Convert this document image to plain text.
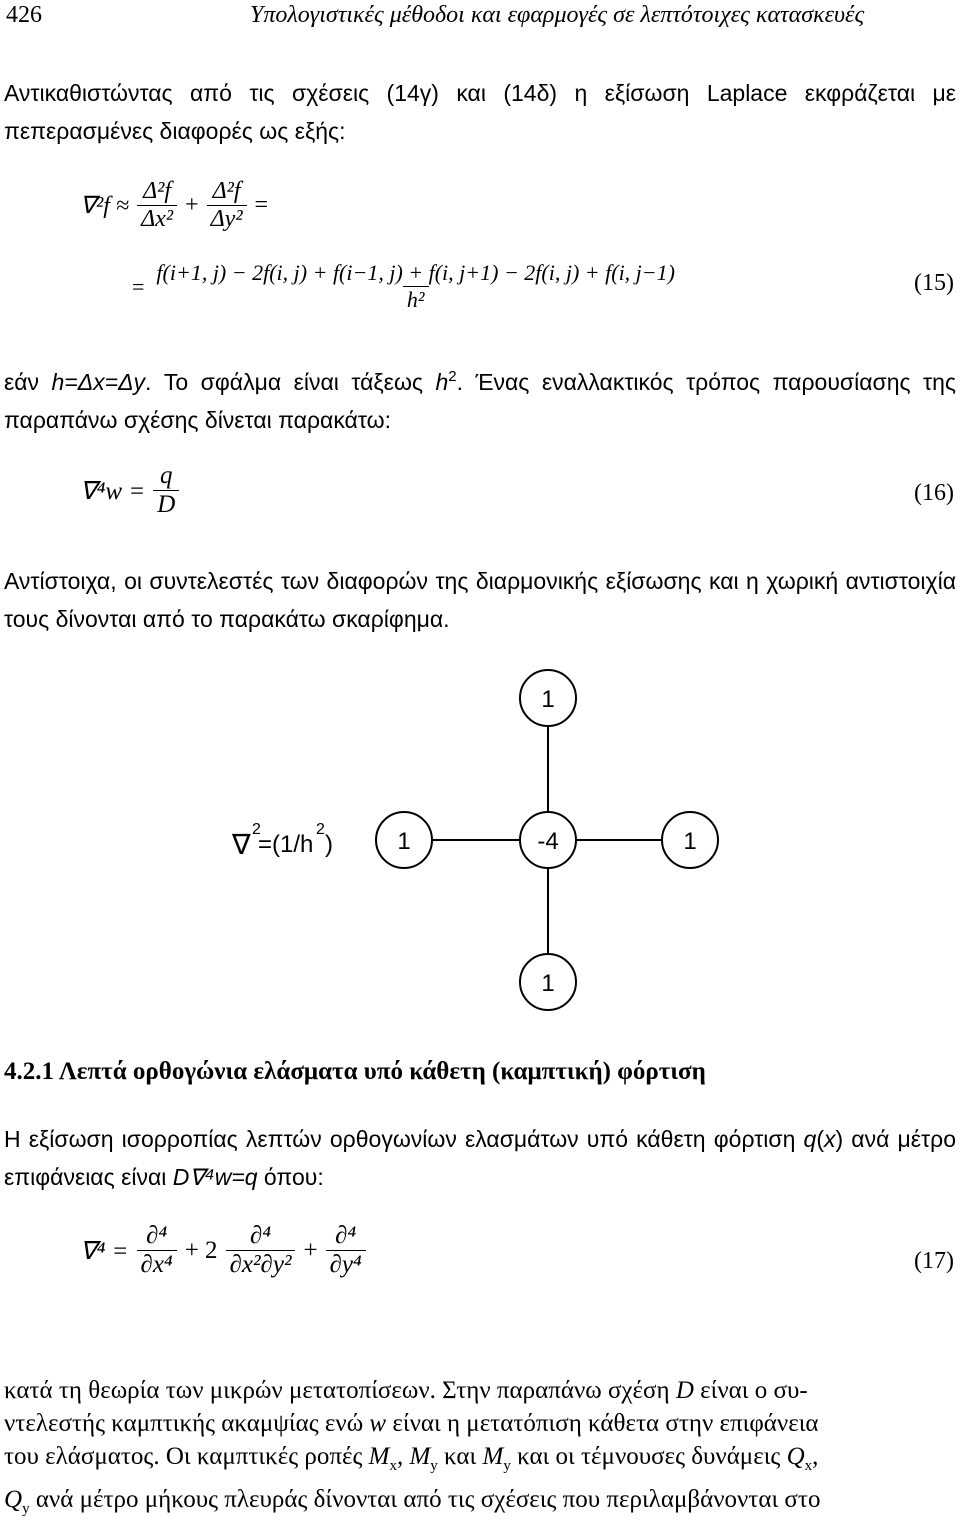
426	Υπολογιστικές μέθοδοι και εφαρμογές σε λεπτότοιχες κατασκευές
Αντικαθιστώντας από τις σχέσεις (14γ) και (14δ) η εξίσωση Laplace εκφράζεται με πεπερασμένες διαφορές ως εξής:
$\nabla^2f \approx \frac{\text{Δ²f}}{\text{Δx²}} + \frac{\text{Δ²f}}{\text{Δy²}}$ =
=
f(i+1, j) − 2f(i, j) + f(i−1, j) + f(i, j+1) − 2f(i, j) + f(i, j−1)
h²
(15)
εάν h=Δx=Δy. Το σφάλμα είναι τάξεως $h^2$. Ένας εναλλακτικός τρόπος παρουσίασης της παραπάνω σχέσης δίνεται παρακάτω:
$\nabla^4w = \frac{q}{D}$	(16)
Αντίστοιχα, οι συντελεστές των διαφορών της διαρμονικής εξίσωσης και η χωρική αντιστοιχία τους δίνονται από το παρακάτω σκαρίφημα.
1
1	-4	1
1
∇ 2
=(1/h
2
)
4.2.1 Λεπτά ορθογώνια ελάσματα υπό κάθετη (καμπτική) φόρτιση
Η εξίσωση ισορροπίας λεπτών ορθογωνίων ελασμάτων υπό κάθετη φόρτιση q(x) ανά μέτρο επιφάνειας είναι D∇⁴w=q όπου:
$\nabla^4 = \frac{\text{∂⁴}}{\text{∂x⁴}} + 2 \frac{\text{∂⁴}}{\text{∂x²∂y²}} + \frac{\text{∂⁴}}{\text{∂y⁴}}$	(17)
κατά τη θεωρία των μικρών μετατοπίσεων. Στην παραπάνω σχέση D είναι ο συ-
ντελεστής καμπτικής ακαμψίας ενώ w είναι η μετατόπιση κάθετα στην επιφάνεια
του ελάσματος. Οι καμπτικές ροπές $M_x$, $M_y$ και $M_y$ και οι τέμνουσες δυνάμεις $Q_x$,
$Q_y$ ανά μέτρο μήκους πλευράς δίνονται από τις σχέσεις που περιλαμβάνονται στο
